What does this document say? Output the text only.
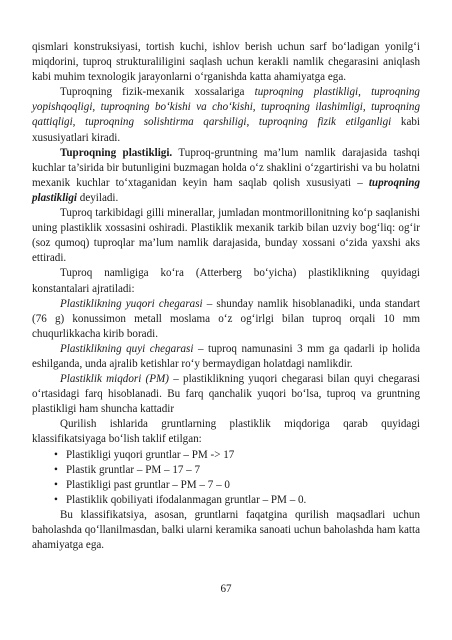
qismlari konstruksiyasi, tortish kuchi, ishlov berish uchun sarf bo‘ladigan yonilg‘i miqdorini, tuproq strukturaliligini saqlash uchun kerakli namlik chegarasini aniqlash kabi muhim texnologik jarayonlarni o‘rganishda katta ahamiyatga ega.

Tuproqning fizik-mexanik xossalariga tuproqning plastikligi, tuproqning yopishqoqligi, tuproqning bo‘kishi va cho‘kishi, tuproqning ilashimligi, tuproqning qattiqligi, tuproqning solishtirma qarshiligi, tuproqning fizik etilganligi kabi xususiyatlari kiradi.

Tuproqning plastikligi. Tuproq-gruntning ma’lum namlik darajasida tashqi kuchlar ta’sirida bir butunligini buzmagan holda o‘z shaklini o‘zgartirishi va bu holatni mexanik kuchlar to‘xtaganidan keyin ham saqlab qolish xususiyati – tuproqning plastikligi deyiladi.

Tuproq tarkibidagi gilli minerallar, jumladan montmorillonitning ko‘p saqlanishi uning plastiklik xossasini oshiradi. Plastiklik mexanik tarkib bilan uzviy bog‘liq: og‘ir (soz qumoq) tuproqlar ma’lum namlik darajasida, bunday xossani o‘zida yaxshi aks ettiradi.

Tuproq namligiga ko‘ra (Atterberg bo‘yicha) plastiklikning quyidagi konstantalari ajratiladi:

Plastiklikning yuqori chegarasi – shunday namlik hisoblanadiki, unda standart (76 g) konussimon metall moslama o‘z og‘irlgi bilan tuproq orqali 10 mm chuqurlikkacha kirib boradi.

Plastiklikning quyi chegarasi – tuproq namunasini 3 mm ga qadarli ip holida eshilganda, unda ajralib ketishlar ro‘y bermaydigan holatdagi namlikdir.

Plastiklik miqdori (PM) – plastiklikning yuqori chegarasi bilan quyi chegarasi o‘rtasidagi farq hisoblanadi. Bu farq qanchalik yuqori bo‘lsa, tuproq va gruntning plastikligi ham shuncha kattadir

Qurilish ishlarida gruntlarning plastiklik miqdoriga qarab quyidagi klassifikatsiyaga bo‘lish taklif etilgan:

• Plastikligi yuqori gruntlar – PM -> 17
• Plastik gruntlar – PM – 17 – 7
• Plastikligi past gruntlar – PM – 7 – 0
• Plastiklik qobiliyati ifodalanmagan gruntlar – PM – 0.

Bu klassifikatsiya, asosan, gruntlarni faqatgina qurilish maqsadlari uchun baholashda qo‘llanilmasdan, balki ularni keramika sanoati uchun baholashda ham katta ahamiyatga ega.

67
